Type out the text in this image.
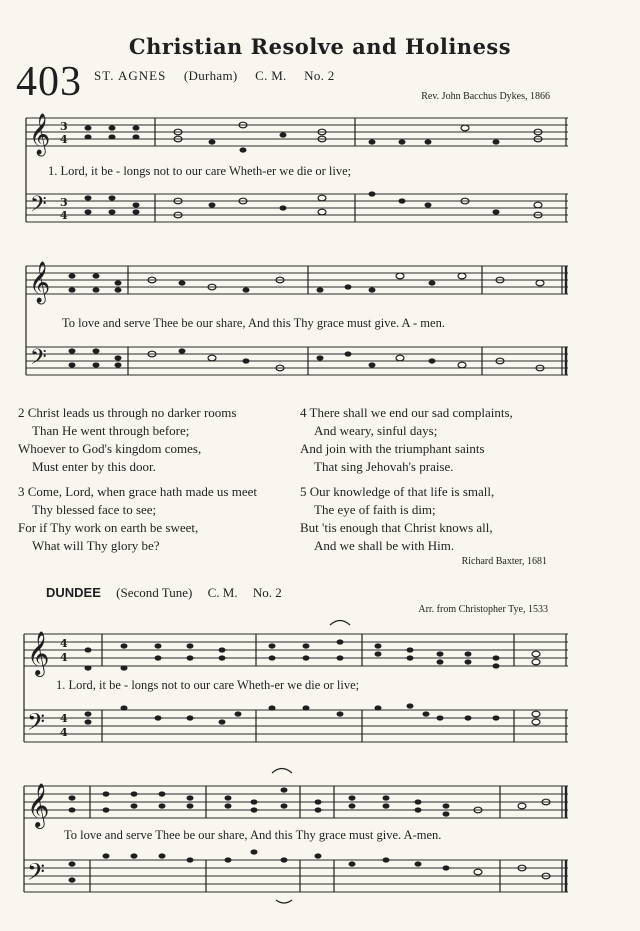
Christian Resolve and Holiness
403 ST. AGNES (Durham) C. M. No. 2
Rev. John Bacchus Dykes, 1866
𝄞
𝄢
3
4
3
4
1. Lord, it be - longs not to our care Wheth-er we die or live;
𝄞
𝄢
To love and serve Thee be our share, And this Thy grace must give. A - men.
2 Christ leads us through no darker rooms
Than He went through before;
Whoever to God's kingdom comes,
Must enter by this door.
3 Come, Lord, when grace hath made us meet
Thy blessed face to see;
For if Thy work on earth be sweet,
What will Thy glory be?
4 There shall we end our sad complaints,
And weary, sinful days;
And join with the triumphant saints
That sing Jehovah's praise.
5 Our knowledge of that life is small,
The eye of faith is dim;
But 'tis enough that Christ knows all,
And we shall be with Him.
Richard Baxter, 1681
DUNDEE (Second Tune) C. M. No. 2
Arr. from Christopher Tye, 1533
𝄞
𝄢
4
4
4
4
1. Lord, it be - longs not to our care Wheth-er we die or live;
𝄞
𝄢
To love and serve Thee be our share, And this Thy grace must give. A-men.
